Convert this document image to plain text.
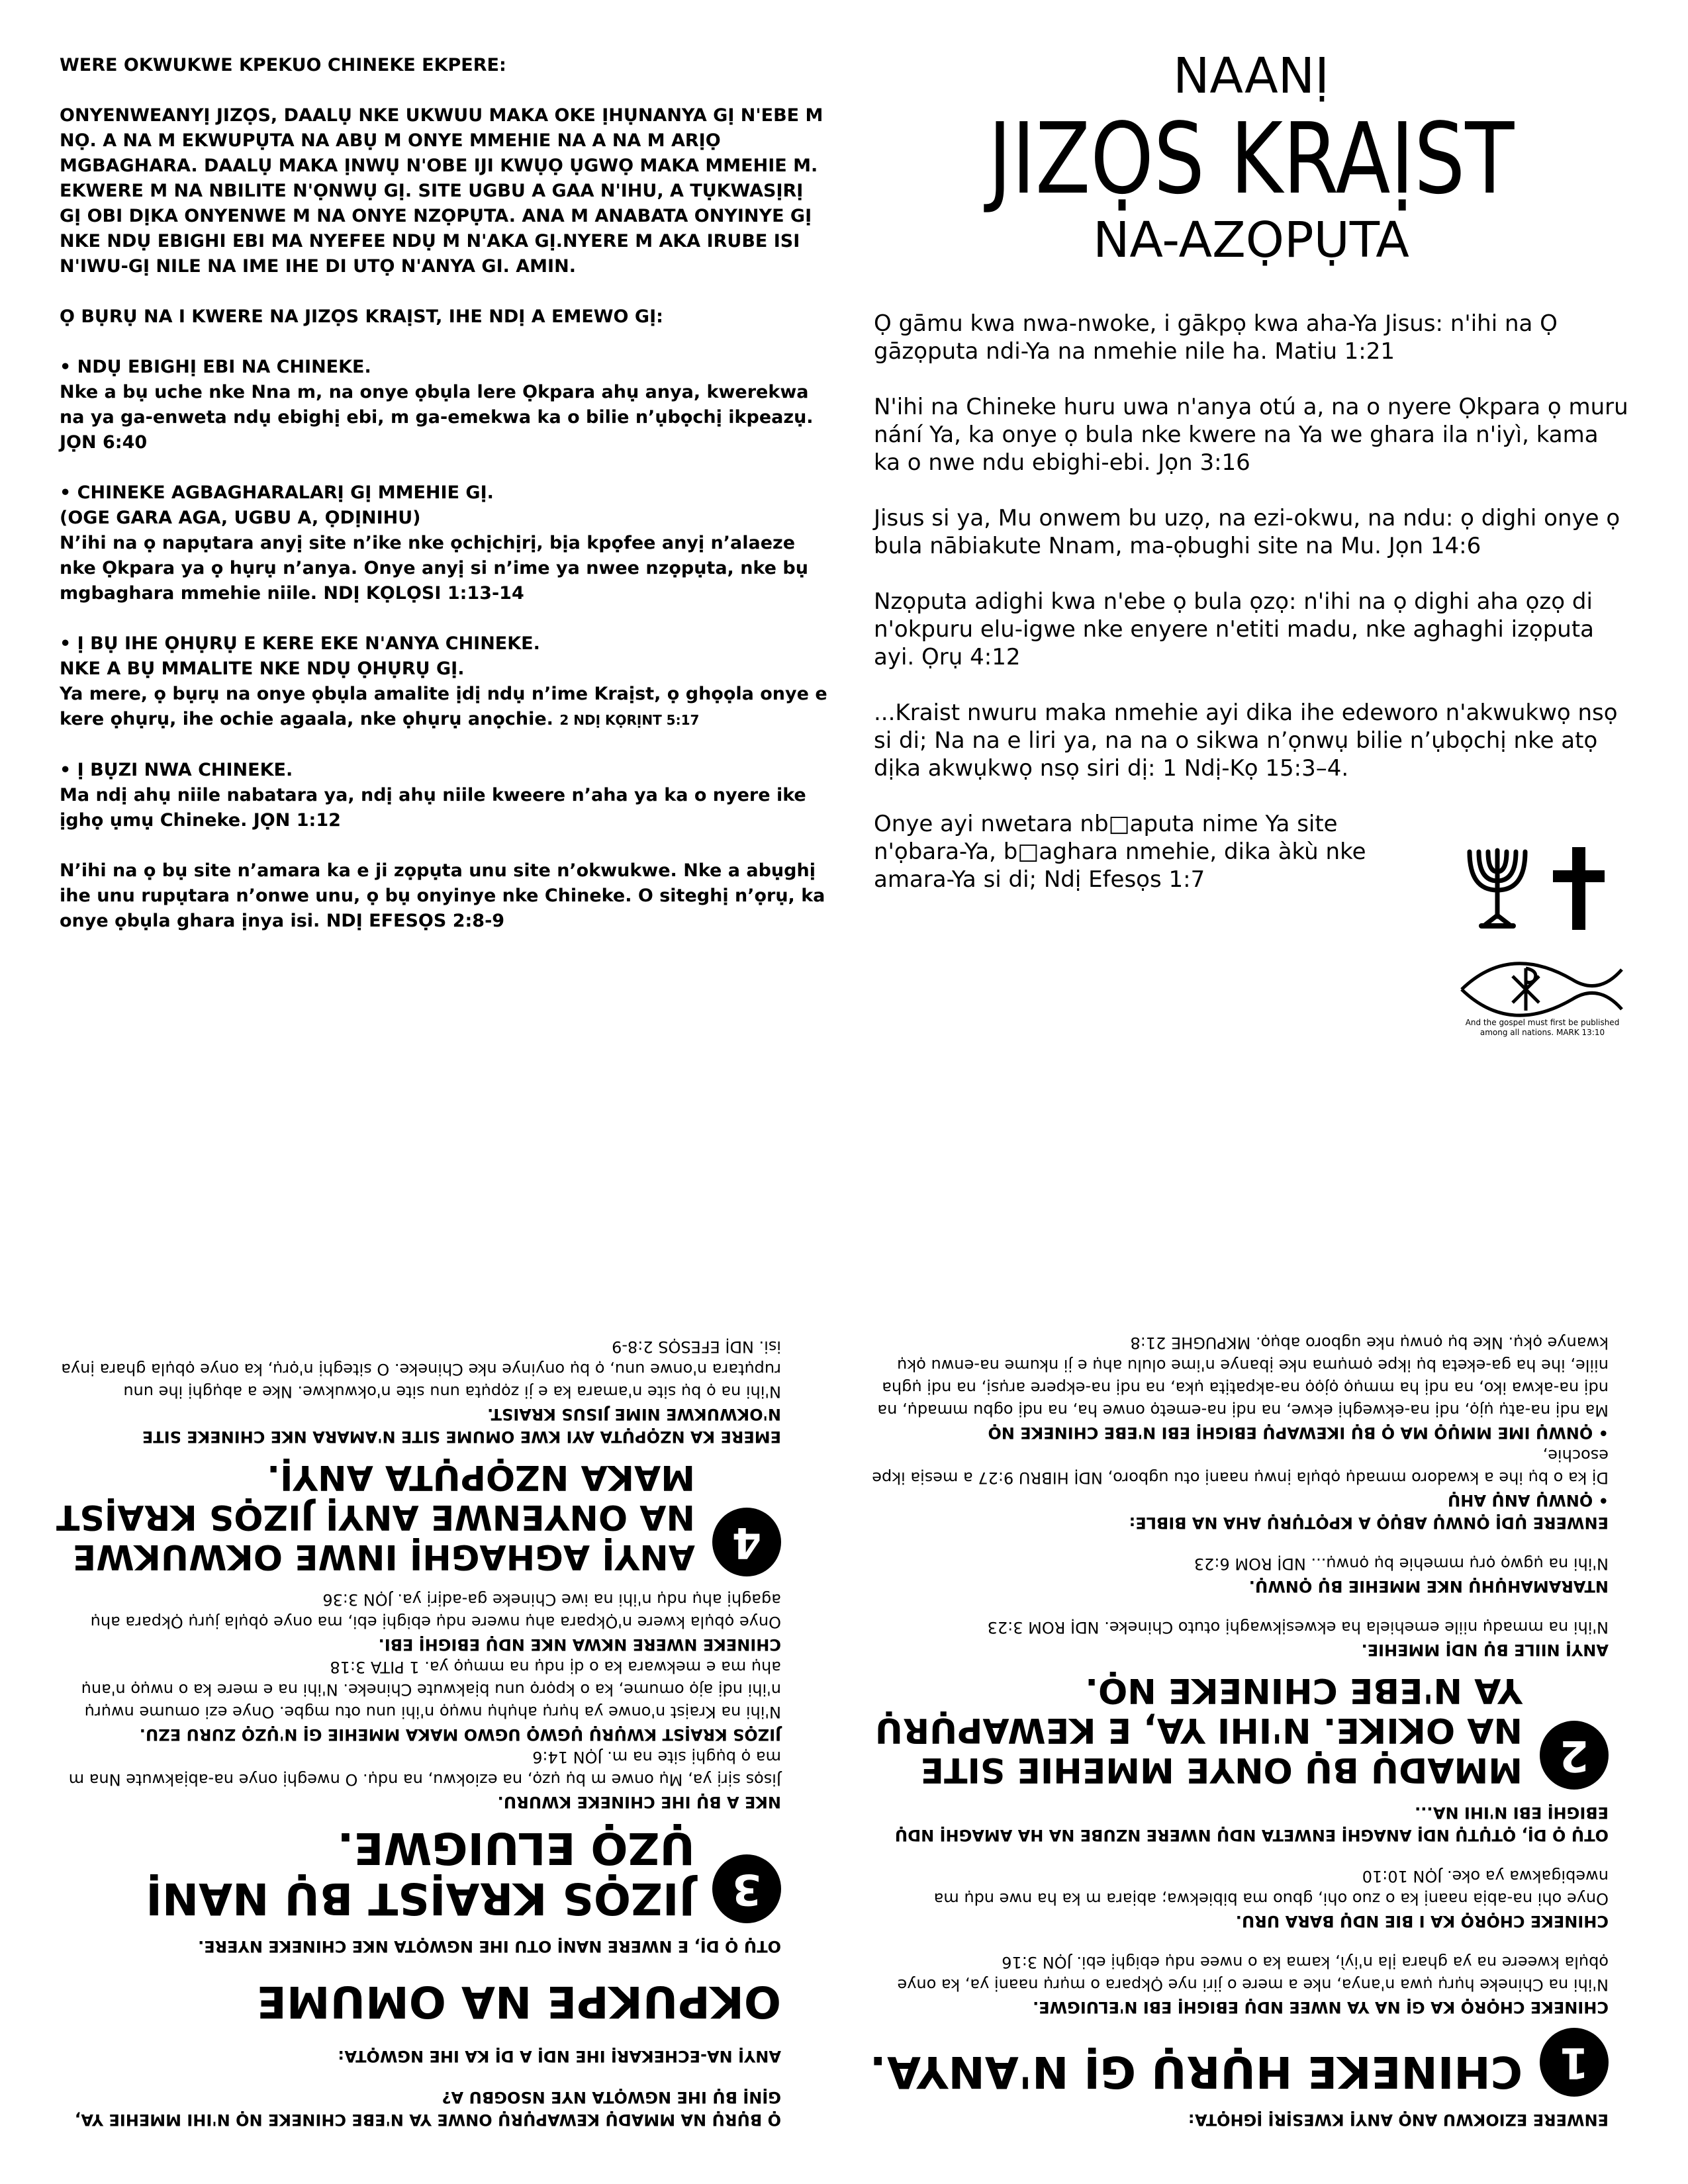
WERE OKWUKWE KPEKUO CHINEKE EKPERE:

ONYENWEANYỊ JIZỌS, DAALỤ NKE UKWUU MAKA OKE ỊHỤNANYA GỊ N'EBE M NỌ. A NA M EKWUPỤTA NA ABỤ M ONYE MMEHIE NA A NA M ARỊỌ MGBAGHARA. DAALỤ MAKA ỊNWỤ N'OBE IJI KWỤỌ ỤGWỌ MAKA MMEHIE M. EKWERE M NA NBILITE N'ỌNWỤ GỊ. SITE UGBU A GAA N'IHU, A TỤKWASỊRỊ GỊ OBI DỊKA ONYENWE M NA ONYE NZỌPỤTA. ANA M ANABATA ONYINYE GỊ NKE NDỤ EBIGHI EBI MA NYEFEE NDỤ M N'AKA GỊ.NYERE M AKA IRUBE ISI N'IWU-GỊ NILE NA IME IHE DI UTỌ N'ANYA GI. AMIN.

Ọ BỤRỤ NA I KWERE NA JIZỌS KRAỊST, IHE NDỊ A EMEWO GỊ:

• NDỤ EBIGHỊ EBI NA CHINEKE.

Nke a bụ uche nke Nna m, na onye ọbụla lere Ọkpara ahụ anya, kwerekwa na ya ga-enweta ndụ ebighị ebi, m ga-emekwa ka o bilie n’ụbọchị ikpeazụ. JỌN 6:40

• CHINEKE AGBAGHARALARỊ GỊ MMEHIE GỊ.

(OGE GARA AGA, UGBU A, ỌDỊNIHU)

N’ihi na ọ napụtara anyị site n’ike nke ọchịchịrị, bịa kpọfee anyị n’alaeze nke Ọkpara ya ọ hụrụ n’anya. Onye anyị si n’ime ya nwee nzọpụta, nke bụ mgbaghara mmehie niile. NDỊ KỌLỌSI 1:13-14

• Ị BỤ IHE ỌHỤRỤ E KERE EKE N'ANYA CHINEKE.

NKE A BỤ MMALITE NKE NDỤ ỌHỤRỤ GỊ.

Ya mere, ọ bụrụ na onye ọbụla amalite ịdị ndụ n’ime Kraịst, ọ ghọọla onye e kere ọhụrụ, ihe ochie agaala, nke ọhụrụ anọchie. 2 NDỊ KỌRỊNT 5:17

• Ị BỤZI NWA CHINEKE.

Ma ndị ahụ niile nabatara ya, ndị ahụ niile kweere n’aha ya ka o nyere ike ịghọ ụmụ Chineke. JỌN 1:12

N’ihi na ọ bụ site n’amara ka e ji zọpụta unu site n’okwukwe. Nke a abụghị ihe unu rupụtara n’onwe unu, ọ bụ onyinye nke Chineke. O siteghị n’ọrụ, ka onye ọbụla ghara ịnya isi. NDỊ EFESỌS 2:8-9

NAANỊ
JIZỌS KRAỊST
NA-AZỌPỤTA

Ọ gāmu kwa nwa-nwoke, i gākpọ kwa aha-Ya Jisus: n'ihi na Ọ gāzọputa ndi-Ya na nmehie nile ha. Matiu 1:21

N'ihi na Chineke huru uwa n'anya otú a, na o nyere Ọkpara ọ muru nání Ya, ka onye ọ bula nke kwere na Ya we ghara ila n'iyì, kama ka o nwe ndu ebighi-ebi. Jọn 3:16

Jisus si ya, Mu onwem bu uzọ, na ezi-okwu, na ndu: ọ dighi onye ọ bula nābiakute Nnam, ma-ọbughi site na Mu. Jọn 14:6

Nzọputa adighi kwa n'ebe ọ bula ọzọ: n'ihi na ọ dighi aha ọzọ di n'okpuru elu-igwe nke enyere n'etiti madu, nke aghaghi izọputa ayi. Ọrụ 4:12

...Kraist nwuru maka nmehie ayi dika ihe edeworo n'akwukwọ nsọ si di; Na na e liri ya, na na o sikwa n’ọnwụ bilie n’ụbọchị nke atọ dịka akwụkwọ nsọ siri dị: 1 Ndị-Kọ 15:3–4.

Onye ayi nwetara nb□aputa nime Ya site n'ọbara-Ya, b□aghara nmehie, dika àkù nke amara-Ya si di; Ndị Efesọs 1:7

And the gospel must first be published
among all nations. MARK 13:10

Ọ BỤRỤ NA MMADỤ KEWAPỤRỤ ONWE YA N'EBE CHINEKE NỌ N'IHI MMEHIE YA, GỊNỊ BỤ IHE NGWỌTA NYE NSOGBU A?

ANYỊ NA-ECHEKARỊ IHE NDỊ A DỊ KA IHE NGWỌTA:

OKPUKPE NA OMUME

OTỤ Ọ DỊ, E NWERE NANỊ OTU IHE NGWỌTA NKE CHINEKE NYERE.

3
JIZỌS KRAỊST BỤ NANỊ ỤZỌ ELUIGWE.

NKE A BỤ IHE CHINEKE KWURU.

Jisọs sịrị ya, Mụ onwe m bụ ụzọ, na eziokwu, na ndụ. O nweghị onye na-abịakwute Nna m ma ọ bụghị site na m. JỌN 14:6

JIZỌS KRAỊST KWỤRỤ ỤGWỌ UGWO MAKA MMEHIE GỊ N'ỤZỌ ZURU EZU.

N'ihi na Kraịst n'onwe ya hụrụ ahụhụ nwụọ n'ihi unu otu mgbe. Onye ezi omume nwụrụ n'ihi ndị ajọ omume, ka o kpọrọ unu bịakwute Chineke. N'ihi na e mere ka o nwụọ n'anụ ahụ ma e mekwara ka o dị ndụ na mmụọ ya. 1 PITA 3:18

CHINEKE NWERE NKWA NKE NDỤ EBIGHỊ EBI.

Onye ọbụla kwere n'Ọkpara ahụ nwere ndụ ebighị ebi, ma onye ọbụla jụrụ Ọkpara ahụ agaghị ahụ ndụ n'ihi na iwe Chineke ga-adịrị ya. JỌN 3:36

4
ANYỊ AGHAGHỊ INWE OKWUKWE NA ONYENWE ANYỊ JIZỌS KRAỊST MAKA NZỌPỤTA ANYỊ.

EMERE KA NZỌPỤTA AYI KWE OMUME SITE N'AMARA NKE CHINEKE SITE N'OKWUKWE NIME JISUS KRAIST.

N'ihi na ọ bụ site n'amara ka e ji zọpụta unu site n'okwukwe. Nke a abụghị ihe unu rupụtara n'onwe unu, ọ bụ onyinye nke Chineke. O siteghị n'ọrụ, ka onye ọbụla ghara ịnya isi. NDỊ EFESỌS 2:8-9

ENWERE EZIOKWU ANỌ ANYỊ KWESỊRỊ ỊGHỌTA:

1
CHINEKE HỤRỤ GỊ N'ANYA.

CHINEKE CHỌRỌ KA GỊ NA YA NWEE NDỤ EBIGHỊ EBI N'ELUIGWE.

N'ihi na Chineke hụrụ ụwa n'anya, nke a mere o jiri nye Ọkpara o mụrụ naanị ya, ka onye ọbụla kweere na ya ghara ịla n'iyì, kama ka o nwee ndụ ebighị ebi. JỌN 3:16

CHINEKE CHỌRỌ KA I BIE NDỤ BARA URU.

Onye ohi na-abịa naanị ka o zuo ohi, gbuo ma bibiekwa; abịara m ka ha nwe ndụ ma nwebigakwa ya oke. JỌN 10:10

OTỤ Ọ DỊ, ỌTỤTỤ NDỊ ANAGHỊ ENWETA NDỤ NWERE NZUBE NA HA AMAGHỊ NDỤ EBIGHỊ EBI N'IHI NA...

2
MMADỤ BỤ ONYE MMEHIE SITE NA OKIKE. N'IHI YA, E KEWAPỤRỤ YA N'EBE CHINEKE NỌ.

ANYỊ NIILE BỤ NDỊ MMEHIE.

N'ihi na mmadụ niile emehiela ha ekwesịkwaghị otuto Chineke. NDỊ ROM 3:23

NTARAMAHỤHỤ NKE MMEHIE BỤ ỌNWỤ.

N'ihi na ụgwọ ọrụ mmehie bụ ọnwụ... NDỊ ROM 6:23

ENWERE ỤDỊ ỌNWỤ ABỤỌ A KPỌTỤRỤ AHA NA BIBLE:

• ỌNWỤ ANỤ AHỤ

Dị ka o bụ ihe a kwadoro mmadụ ọbụla ịnwụ naanị otu ugboro, NDỊ HIBRU 9:27 a mesịa ikpe esochie,

• ỌNWỤ IME MMỤỌ MA Ọ BỤ IKEWAPỤ EBIGHỊ EBI N'EBE CHINEKE NỌ

Ma ndị na-atụ ụjọ, ndị na-ekweghị ekwe, na ndị na-emetọ onwe ha, na ndị ogbu mmadụ, na ndị na-akwa iko, na ndị ha mmụọ ọjọọ na-akpatịta ụka, na ndị na-ekpere arụsị, na ndị ụgha niile, ihe ha ga-eketa bụ ikpe ọmụma nke ịbanye n'ime olulu ahụ e ji nkume na-enwu ọkụ kwanye ọkụ. Nke bụ ọnwụ nke ugboro abụọ. MKPUGHE 21:8
